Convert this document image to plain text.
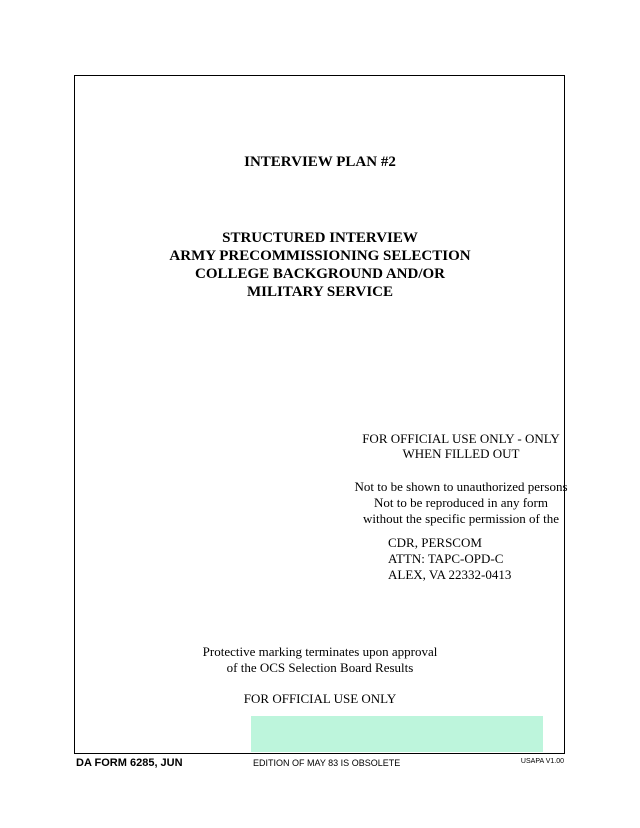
INTERVIEW PLAN #2
STRUCTURED INTERVIEW
ARMY PRECOMMISSIONING SELECTION
COLLEGE BACKGROUND AND/OR
MILITARY SERVICE
FOR OFFICIAL USE ONLY - ONLY
WHEN FILLED OUT
Not to be shown to unauthorized persons
Not to be reproduced in any form
without the specific permission of the
CDR, PERSCOM
ATTN: TAPC-OPD-C
ALEX, VA 22332-0413
Protective marking terminates upon approval
of the OCS Selection Board Results
FOR OFFICIAL USE ONLY
DA FORM 6285, JUN	EDITION OF MAY 83 IS OBSOLETE	USAPA V1.00
